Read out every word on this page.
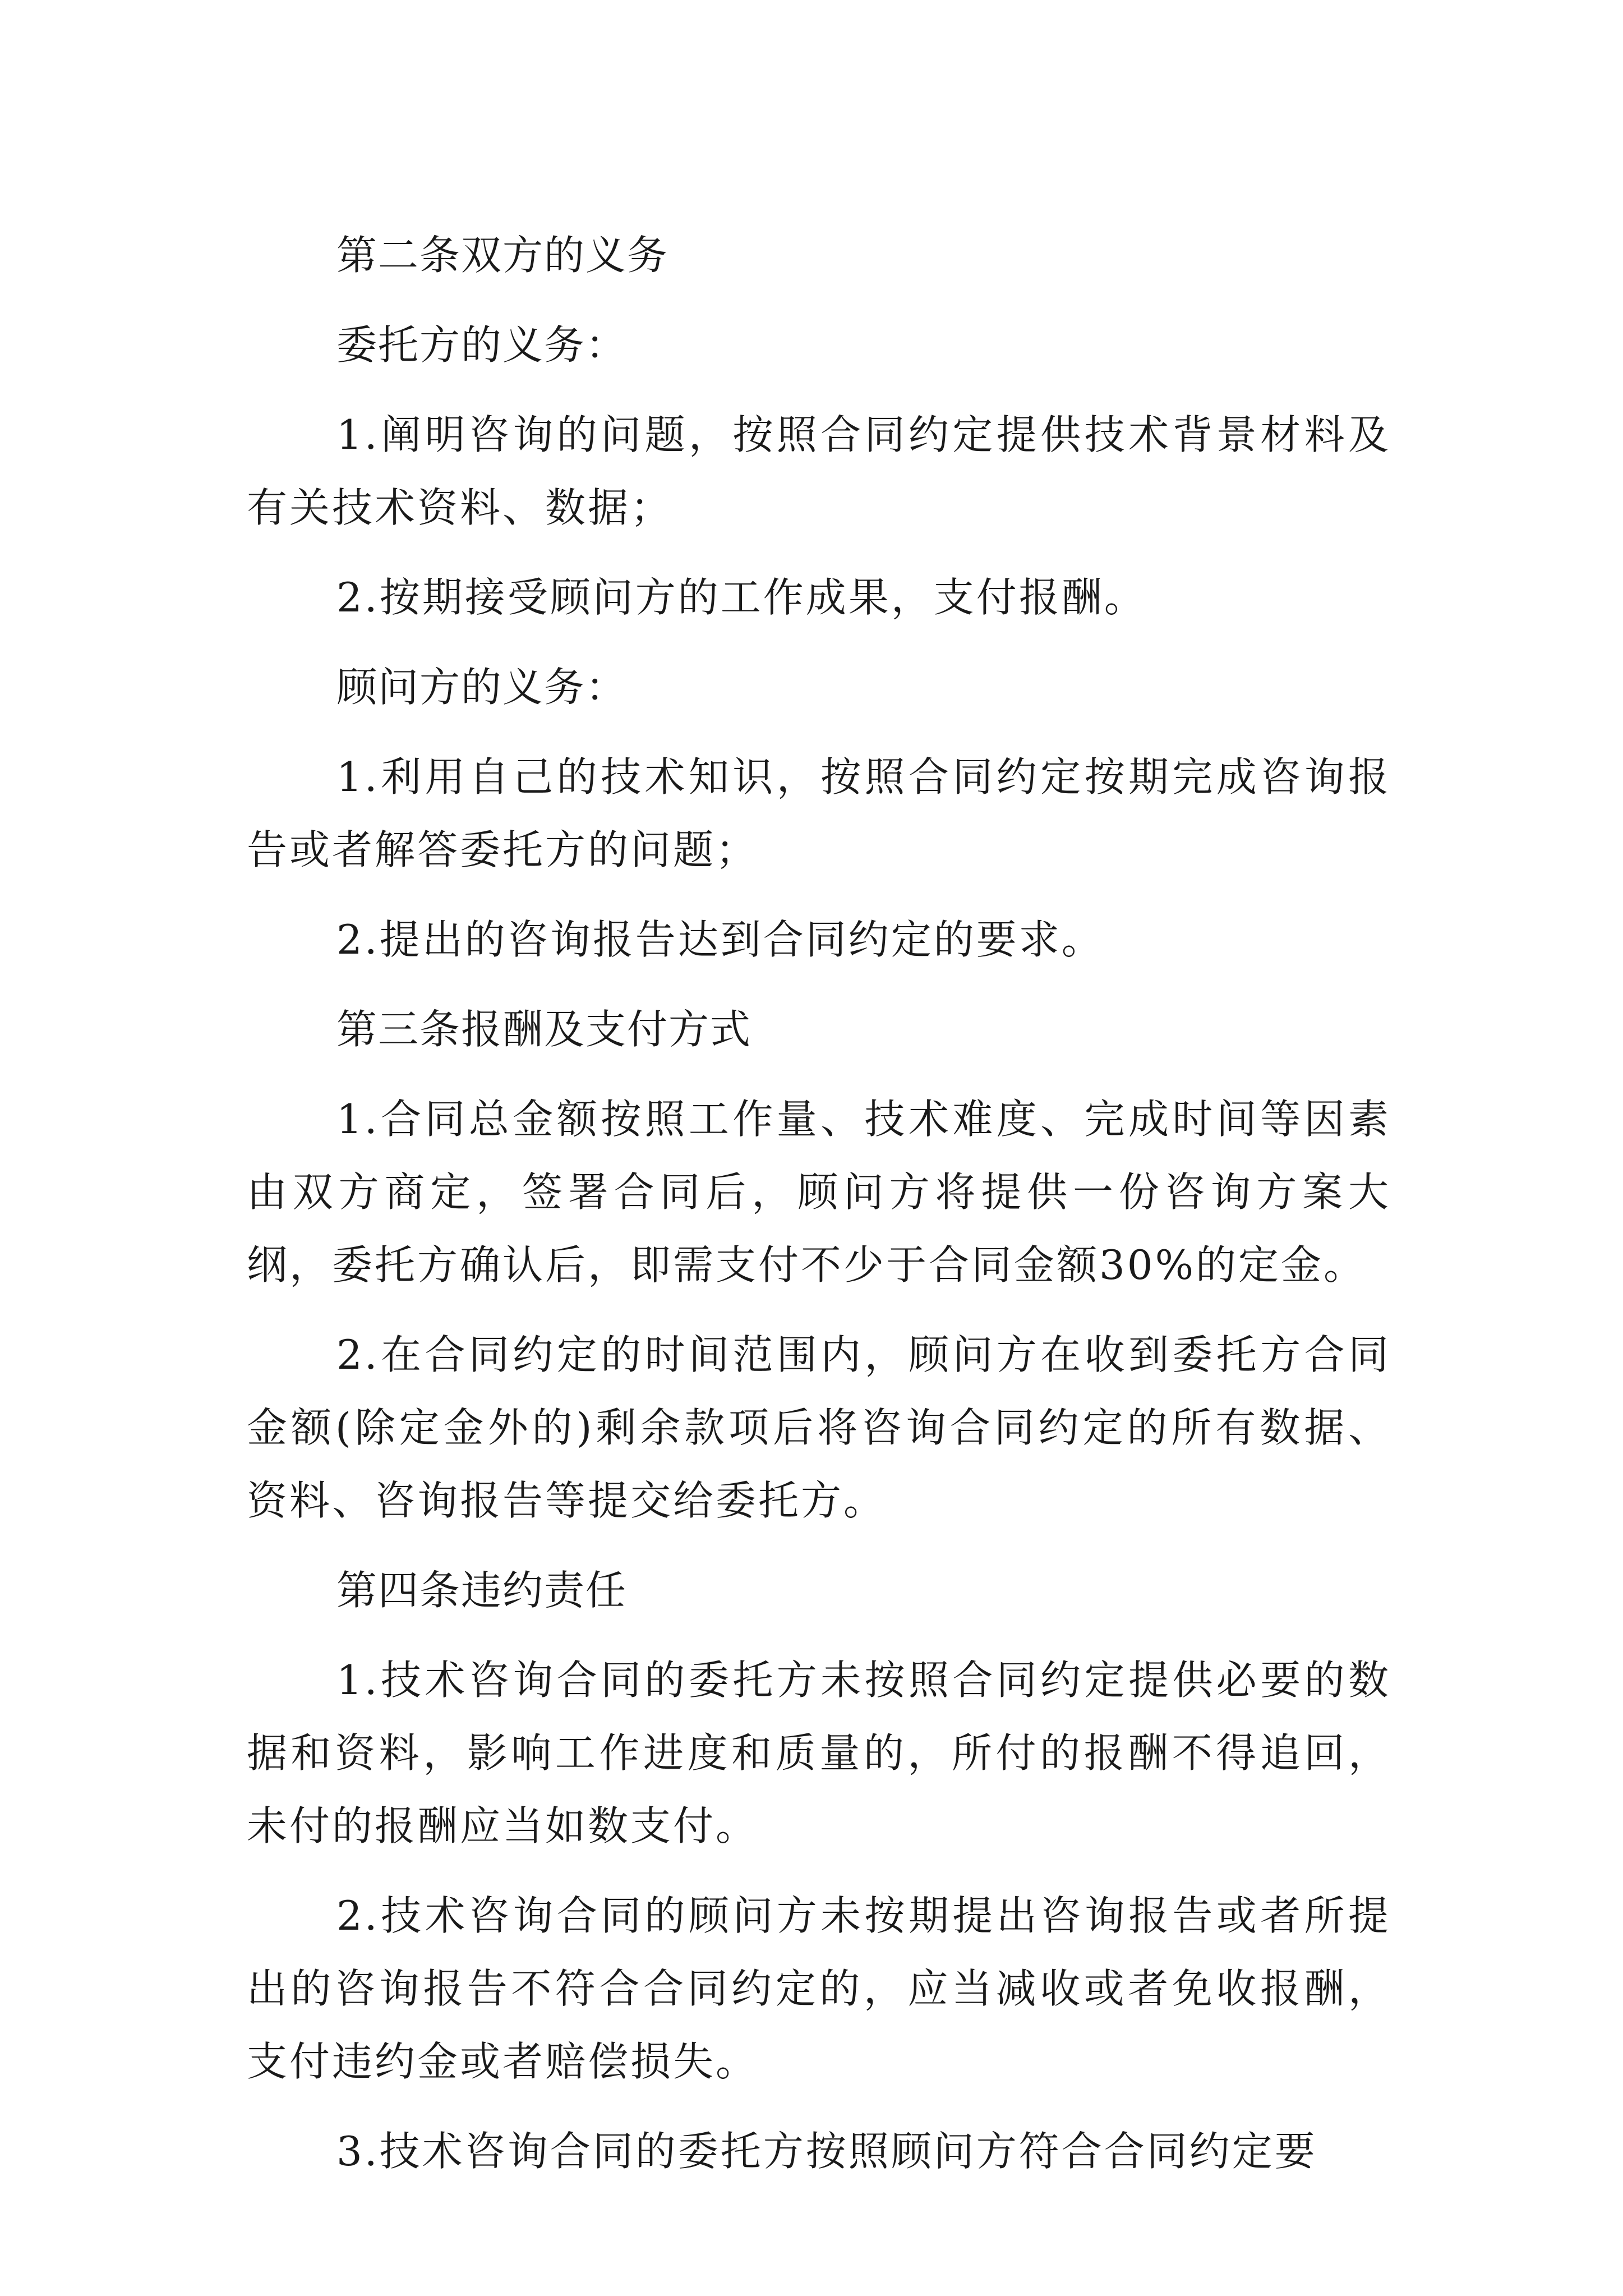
第二条双方的义务

委托方的义务：

1.阐明咨询的问题，按照合同约定提供技术背景材料及有关技术资料、数据；

2.按期接受顾问方的工作成果，支付报酬。

顾问方的义务：

1.利用自己的技术知识，按照合同约定按期完成咨询报告或者解答委托方的问题；

2.提出的咨询报告达到合同约定的要求。

第三条报酬及支付方式

1.合同总金额按照工作量、技术难度、完成时间等因素由双方商定，签署合同后，顾问方将提供一份咨询方案大纲，委托方确认后，即需支付不少于合同金额30%的定金。

2.在合同约定的时间范围内，顾问方在收到委托方合同金额(除定金外的)剩余款项后将咨询合同约定的所有数据、资料、咨询报告等提交给委托方。

第四条违约责任

1.技术咨询合同的委托方未按照合同约定提供必要的数据和资料，影响工作进度和质量的，所付的报酬不得追回，未付的报酬应当如数支付。

2.技术咨询合同的顾问方未按期提出咨询报告或者所提出的咨询报告不符合合同约定的，应当减收或者免收报酬，支付违约金或者赔偿损失。

3.技术咨询合同的委托方按照顾问方符合合同约定要
